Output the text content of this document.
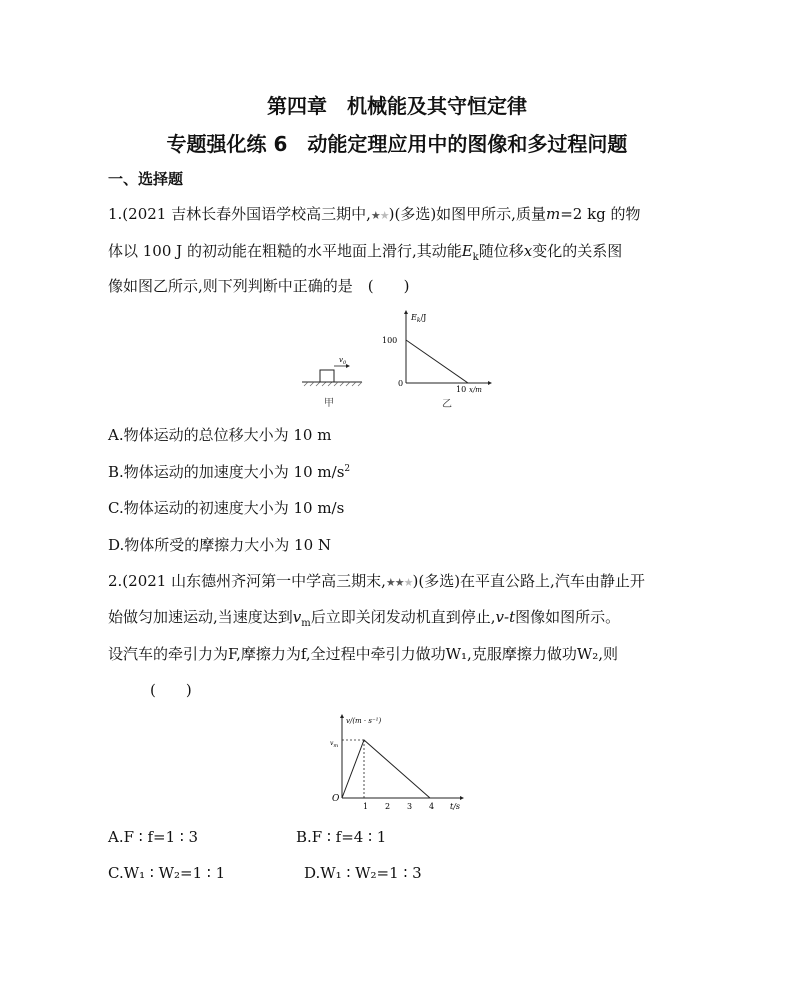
第四章　机械能及其守恒定律
专题强化练 6　动能定理应用中的图像和多过程问题
一、选择题
1.(2021 吉林长春外国语学校高三期中,★★)(多选)如图甲所示,质量m=2 kg 的物
体以 100 J 的初动能在粗糙的水平地面上滑行,其动能$E_k$随位移x变化的关系图
像如图乙所示,则下列判断中正确的是　(　　)
$v_0$
甲
$E_k/J$
100
0
10 x/m
乙
A.物体运动的总位移大小为 10 m
B.物体运动的加速度大小为 10 $m/s^2$
C.物体运动的初速度大小为 10 m/s
D.物体所受的摩擦力大小为 10 N
2.(2021 山东德州齐河第一中学高三期末,★★★)(多选)在平直公路上,汽车由静止开
始做匀加速运动,当速度达到$v_m$后立即关闭发动机直到停止,v-t图像如图所示。
设汽车的牵引力为F,摩擦力为f,全过程中牵引力做功W₁,克服摩擦力做功W₂,则
(　　)
v/(m · s⁻¹)
$v_m$
O
1 2 3 4 t/s
A.F ∶ f=1 ∶ 3	B.F ∶ f=4 ∶ 1
C.W₁ ∶ W₂=1 ∶ 1	D.W₁ ∶ W₂=1 ∶ 3
